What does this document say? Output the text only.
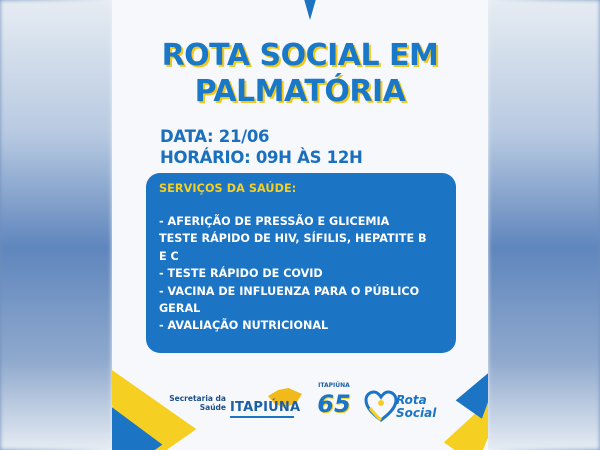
ROTA SOCIAL EM
PALMATÓRIA
DATA: 21/06
HORÁRIO: 09H ÀS 12H
SERVIÇOS DA SAÚDE:
- AFERIÇÃO DE PRESSÃO E GLICEMIA
TESTE RÁPIDO DE HIV, SÍFILIS, HEPATITE B
E C
- TESTE RÁPIDO DE COVID
- VACINA DE INFLUENZA PARA O PÚBLICO
GERAL
- AVALIAÇÃO NUTRICIONAL
Secretaria da
Saúde ITAPIÚNA
ITAPIÚNA
65	Rota
Social
